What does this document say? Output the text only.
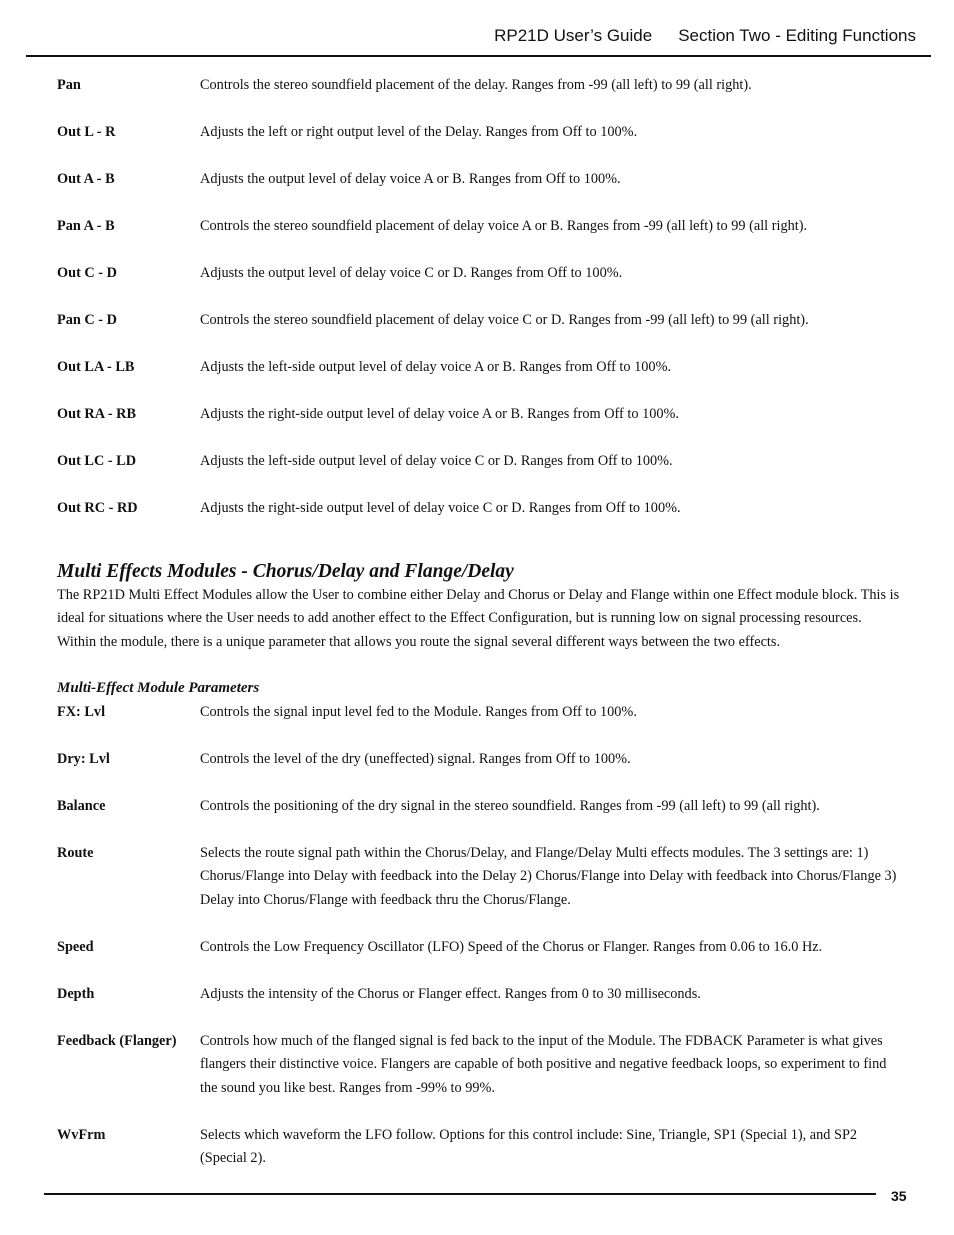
RP21D User’s Guide Section Two - Editing Functions
Pan	Controls the stereo soundfield placement of the delay. Ranges from -99 (all left) to 99 (all right).
Out L - R	Adjusts the left or right output level of the Delay. Ranges from Off to 100%.
Out A - B	Adjusts the output level of delay voice A or B. Ranges from Off to 100%.
Pan A - B	Controls the stereo soundfield placement of delay voice A or B. Ranges from -99 (all left) to 99 (all right).
Out C - D	Adjusts the output level of delay voice C or D. Ranges from Off to 100%.
Pan C - D	Controls the stereo soundfield placement of delay voice C or D. Ranges from -99 (all left) to 99 (all right).
Out LA - LB	Adjusts the left-side output level of delay voice A or B. Ranges from Off to 100%.
Out RA - RB	Adjusts the right-side output level of delay voice A or B. Ranges from Off to 100%.
Out LC - LD	Adjusts the left-side output level of delay voice C or D. Ranges from Off to 100%.
Out RC - RD	Adjusts the right-side output level of delay voice C or D. Ranges from Off to 100%.
Multi Effects Modules - Chorus/Delay and Flange/Delay
The RP21D Multi Effect Modules allow the User to combine either Delay and Chorus or Delay and Flange within one Effect module block. This is ideal for situations where the User needs to add another effect to the Effect Configuration, but is running low on signal processing resources. Within the module, there is a unique parameter that allows you route the signal several different ways between the two effects.
Multi-Effect Module Parameters
FX: Lvl	Controls the signal input level fed to the Module. Ranges from Off to 100%.
Dry: Lvl	Controls the level of the dry (uneffected) signal. Ranges from Off to 100%.
Balance	Controls the positioning of the dry signal in the stereo soundfield. Ranges from -99 (all left) to 99 (all right).
Route	Selects the route signal path within the Chorus/Delay, and Flange/Delay Multi effects modules. The 3 settings are: 1) Chorus/Flange into Delay with feedback into the Delay 2) Chorus/Flange into Delay with feedback into Chorus/Flange 3) Delay into Chorus/Flange with feedback thru the Chorus/Flange.
Speed	Controls the Low Frequency Oscillator (LFO) Speed of the Chorus or Flanger. Ranges from 0.06 to 16.0 Hz.
Depth	Adjusts the intensity of the Chorus or Flanger effect. Ranges from 0 to 30 milliseconds.
Feedback (Flanger)	Controls how much of the flanged signal is fed back to the input of the Module. The FDBACK Parameter is what gives flangers their distinctive voice. Flangers are capable of both positive and negative feedback loops, so experiment to find the sound you like best. Ranges from -99% to 99%.
WvFrm	Selects which waveform the LFO follow. Options for this control include: Sine, Triangle, SP1 (Special 1), and SP2 (Special 2).
35
